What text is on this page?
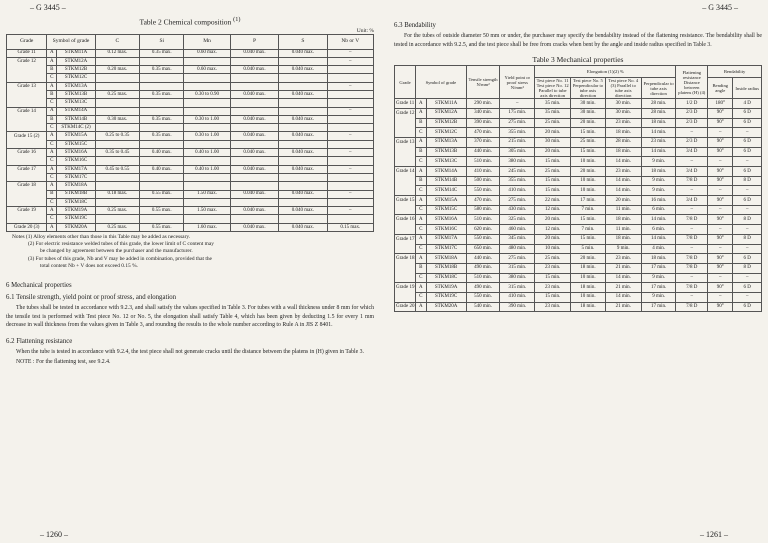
– G 3445 –
Table 2 Chemical composition $^{(1)}$
Unit: %
Grade	Symbol of grade		C	Si	Mn	P	S	Nb or V
Grade 11	A	STKM11A	0.12 max.	0.35 max.	0.60 max.	0.040 max.	0.040 max.	–
Grade 12	A	STKM12A						–
	B	STKM12B	0.20 max.	0.35 max.	0.60 max.	0.040 max.	0.040 max.	
	C	STKM12C						
Grade 13	A	STKM13A						–
	B	STKM13B	0.25 max.	0.35 max.	0.30 to 0.90	0.040 max.	0.040 max.	
	C	STKM13C						
Grade 14	A	STKM14A						–
	B	STKM14B	0.30 max.	0.35 max.	0.30 to 1.00	0.040 max.	0.040 max.	
	C	STKM14C (2)						
Grade 15 (2)	A	STKM15A	0.25 to 0.35	0.35 max.	0.30 to 1.00	0.040 max.	0.040 max.	–
	C	STKM15C						
Grade 16	A	STKM16A	0.35 to 0.45	0.40 max.	0.40 to 1.00	0.040 max.	0.040 max.	–
	C	STKM16C						
Grade 17	A	STKM17A	0.45 to 0.55	0.40 max.	0.40 to 1.00	0.040 max.	0.040 max.	–
	C	STKM17C						
Grade 18	A	STKM18A						
	B	STKM18B	0.18 max.	0.55 max.	1.50 max.	0.040 max.	0.040 max.	–
	C	STKM18C						
Grade 19	A	STKM19A	0.25 max.	0.55 max.	1.50 max.	0.040 max.	0.040 max.	–
	C	STKM19C						
Grade 20 (3)	A	STKM20A	0.25 max.	0.55 max.	1.60 max.	0.040 max.	0.040 max.	0.15 max.
Notes (1) Alloy elements other than those in this Table may be added as necessary.
(2) For electric resistance welded tubes of this grade, the lower limit of C content may
be changed by agreement between the purchaser and the manufacturer.
(3) For tubes of this grade, Nb and V may be added in combination, provided that the
total content Nb + V does not exceed 0.15 %.
6 Mechanical properties
6.1 Tensile strength, yield point or proof stress, and elongation

The tubes shall be tested in accordance with 9.2.3, and shall satisfy the values specified in Table 3. For tubes with a wall thickness under 8 mm for which the tensile test is performed with Test piece No. 12 or No. 5, the elongation shall satisfy Table 4, which has been given by deducting 1.5 for every 1 mm decrease in wall thickness from the values given in Table 3, and rounding the results to the whole number according to Rule A in JIS Z 8401.

6.2 Flattening resistance

When the tube is tested in accordance with 9.2.4, the test piece shall not generate cracks until the distance between the platens in (H) given in Table 3.

NOTE : For the flattening test, see 9.2.4.

– 1260 –
– G 3445 –
6.3 Bendability

For the tubes of outside diameter 50 mm or under, the purchaser may specify the bendability instead of the flattening resistance. The bendability shall be tested in accordance with 9.2.5, and the test piece shall be free from cracks when bent by the angle and inside radius specified in Table 3.

Table 3 Mechanical properties
Grade	Symbol of grade		Tensile strength N/mm²	Yield point or proof stress N/mm²	Elongation (1)(2) %				Flattening resistance Distance between platens (H) (4)	Bendability	
					Test piece No. 11 Test piece No. 12 Parallel to tube axis direction	Test piece No. 5 Perpendicular to tube axis direction	Test piece No. 4 (3) Parallel to tube axis direction	Perpendicular to tube axis direction		Bending angle	Inside radius
Grade 11	A	STKM11A	290 min.	–	35 min.	30 min.	30 min.	28 min.	1/2 D	180°	4 D
Grade 12	A	STKM12A	340 min.	175 min.	35 min.	30 min.	30 min.	28 min.	2/3 D	90°	6 D
	B	STKM12B	390 min.	275 min.	25 min.	20 min.	23 min.	18 min.	2/3 D	90°	6 D
	C	STKM12C	470 min.	355 min.	20 min.	15 min.	18 min.	14 min.	–	–	–
Grade 13	A	STKM13A	370 min.	215 min.	30 min.	25 min.	28 min.	23 min.	2/3 D	90°	6 D
	B	STKM13B	440 min.	305 min.	20 min.	15 min.	18 min.	14 min.	3/4 D	90°	6 D
	C	STKM13C	510 min.	380 min.	15 min.	10 min.	14 min.	9 min.	–	–	–
Grade 14	A	STKM14A	410 min.	245 min.	25 min.	20 min.	23 min.	18 min.	3/4 D	90°	6 D
	B	STKM14B	500 min.	355 min.	15 min.	10 min.	14 min.	9 min.	7/8 D	90°	8 D
	C	STKM14C	550 min.	410 min.	15 min.	10 min.	14 min.	9 min.	–	–	–
Grade 15	A	STKM15A	470 min.	275 min.	22 min.	17 min.	20 min.	16 min.	3/4 D	90°	6 D
	C	STKM15C	580 min.	430 min.	12 min.	7 min.	11 min.	6 min.	–	–	–
Grade 16	A	STKM16A	510 min.	325 min.	20 min.	15 min.	18 min.	14 min.	7/8 D	90°	8 D
	C	STKM16C	620 min.	460 min.	12 min.	7 min.	11 min.	6 min.	–	–	–
Grade 17	A	STKM17A	550 min.	345 min.	20 min.	15 min.	18 min.	14 min.	7/8 D	90°	8 D
	C	STKM17C	650 min.	480 min.	10 min.	5 min.	9 min.	4 min.	–	–	–
Grade 18	A	STKM18A	440 min.	275 min.	25 min.	20 min.	23 min.	18 min.	7/8 D	90°	6 D
	B	STKM18B	490 min.	315 min.	23 min.	18 min.	21 min.	17 min.	7/8 D	90°	8 D
	C	STKM18C	510 min.	380 min.	15 min.	10 min.	14 min.	9 min.	–	–	–
Grade 19	A	STKM19A	490 min.	315 min.	23 min.	18 min.	21 min.	17 min.	7/8 D	90°	6 D
	C	STKM19C	550 min.	410 min.	15 min.	10 min.	14 min.	9 min.	–	–	–
Grade 20	A	STKM20A	540 min.	390 min.	23 min.	18 min.	21 min.	17 min.	7/8 D	90°	6 D
– 1261 –
